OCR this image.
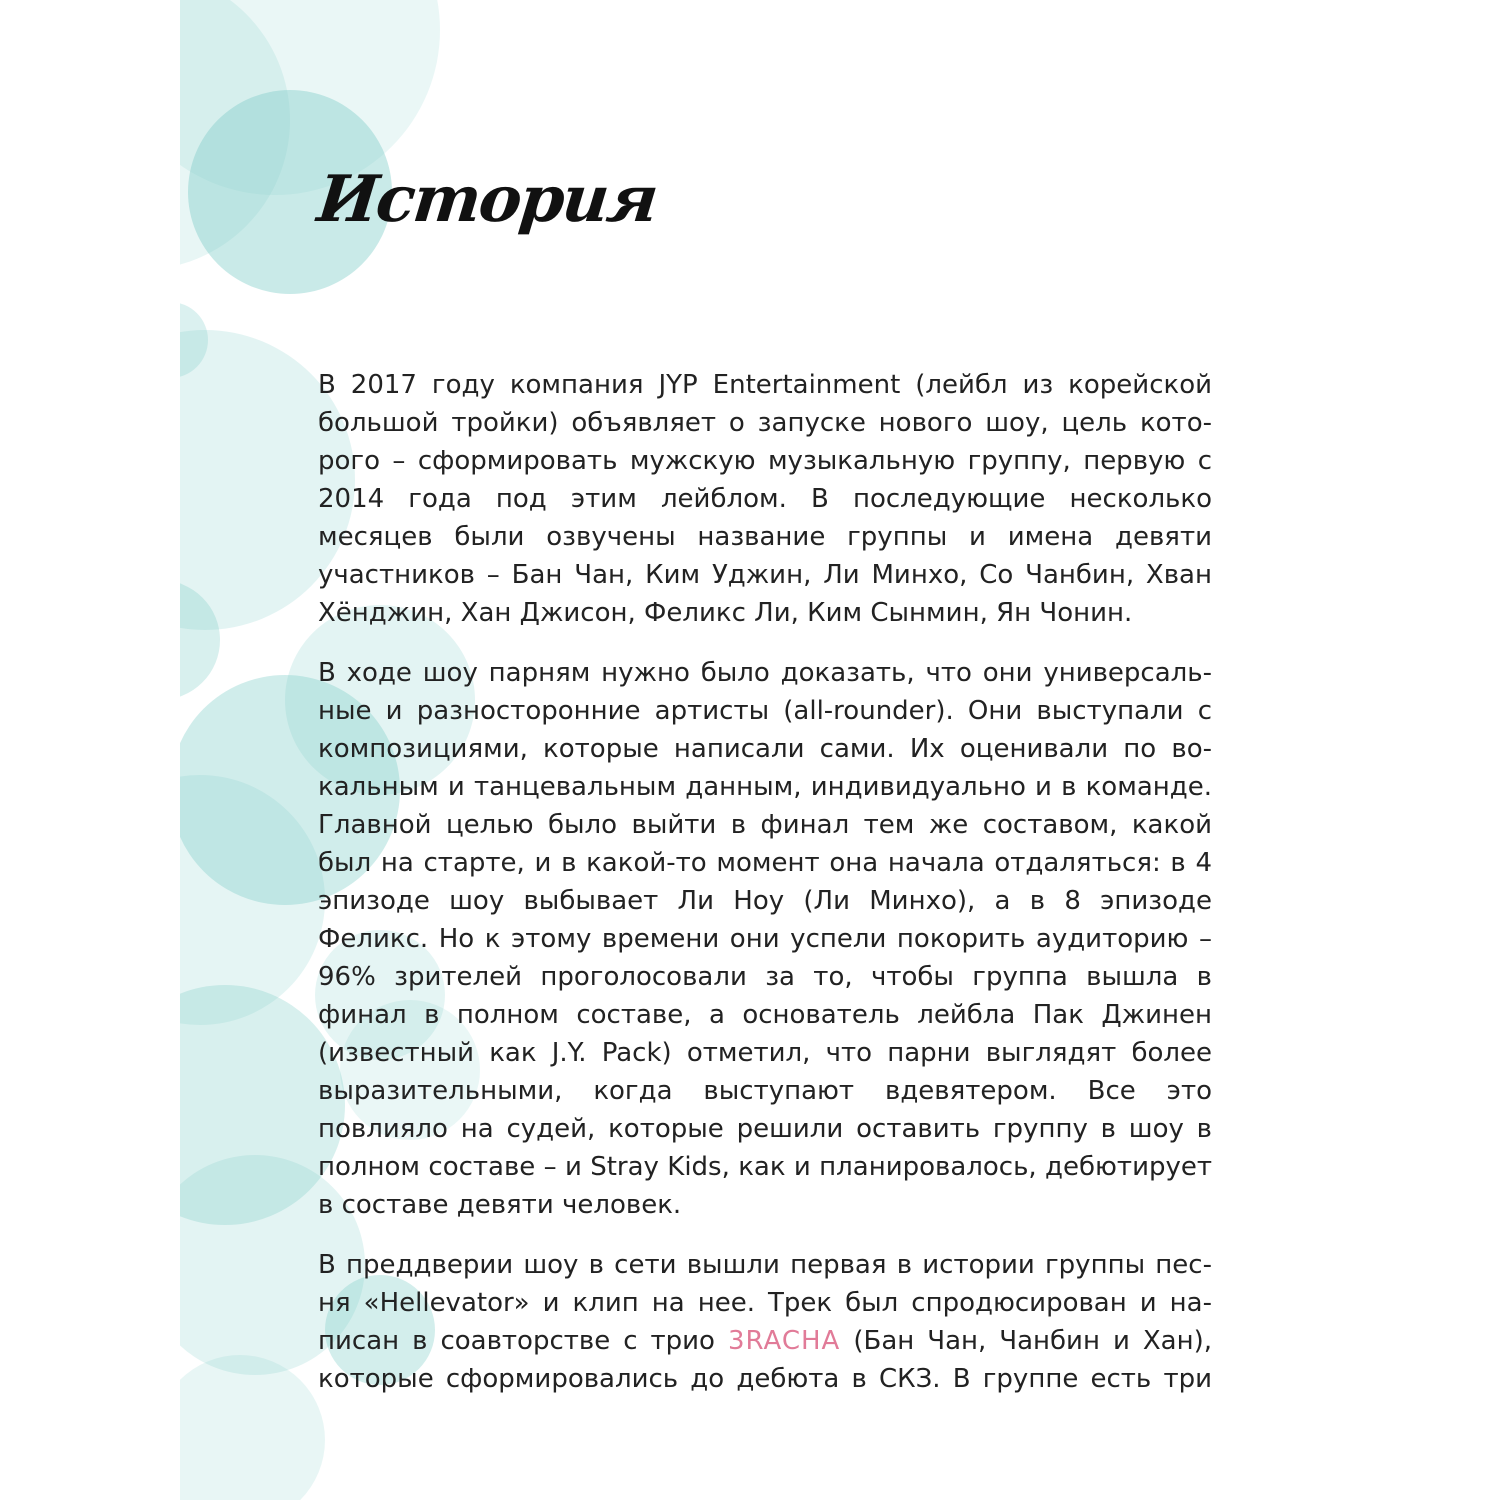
История

В 2017 году компания JYP Entertainment (лейбл из корейской большой тройки) объявляет о запуске нового шоу, цель которого – сформировать мужскую музыкальную группу, первую с 2014 года под этим лейблом. В последующие несколько месяцев были озвучены название группы и имена девяти участников – Бан Чан, Ким Уджин, Ли Минхо, Со Чанбин, Хван Хёнджин, Хан Джисон, Феликс Ли, Ким Сынмин, Ян Чонин.

В ходе шоу парням нужно было доказать, что они универсальные и разносторонние артисты (all-rounder). Они выступали с композициями, которые написали сами. Их оценивали по вокальным и танцевальным данным, индивидуально и в команде. Главной целью было выйти в финал тем же составом, какой был на старте, и в какой-то момент она начала отдаляться: в 4 эпизоде шоу выбывает Ли Ноу (Ли Минхо), а в 8 эпизоде Феликс. Но к этому времени они успели покорить аудиторию – 96% зрителей проголосовали за то, чтобы группа вышла в финал в полном составе, а основатель лейбла Пак Джинен (известный как J.Y. Pack) отметил, что парни выглядят более выразительными, когда выступают вдевятером. Все это повлияло на судей, которые решили оставить группу в шоу в полном составе – и Stray Kids, как и планировалось, дебютирует в составе девяти человек.

В преддверии шоу в сети вышли первая в истории группы песня «Hellevator» и клип на нее. Трек был спродюсирован и написан в соавторстве с трио 3RACHA (Бан Чан, Чанбин и Хан), которые сформировались до дебюта в СКЗ. В группе есть три
